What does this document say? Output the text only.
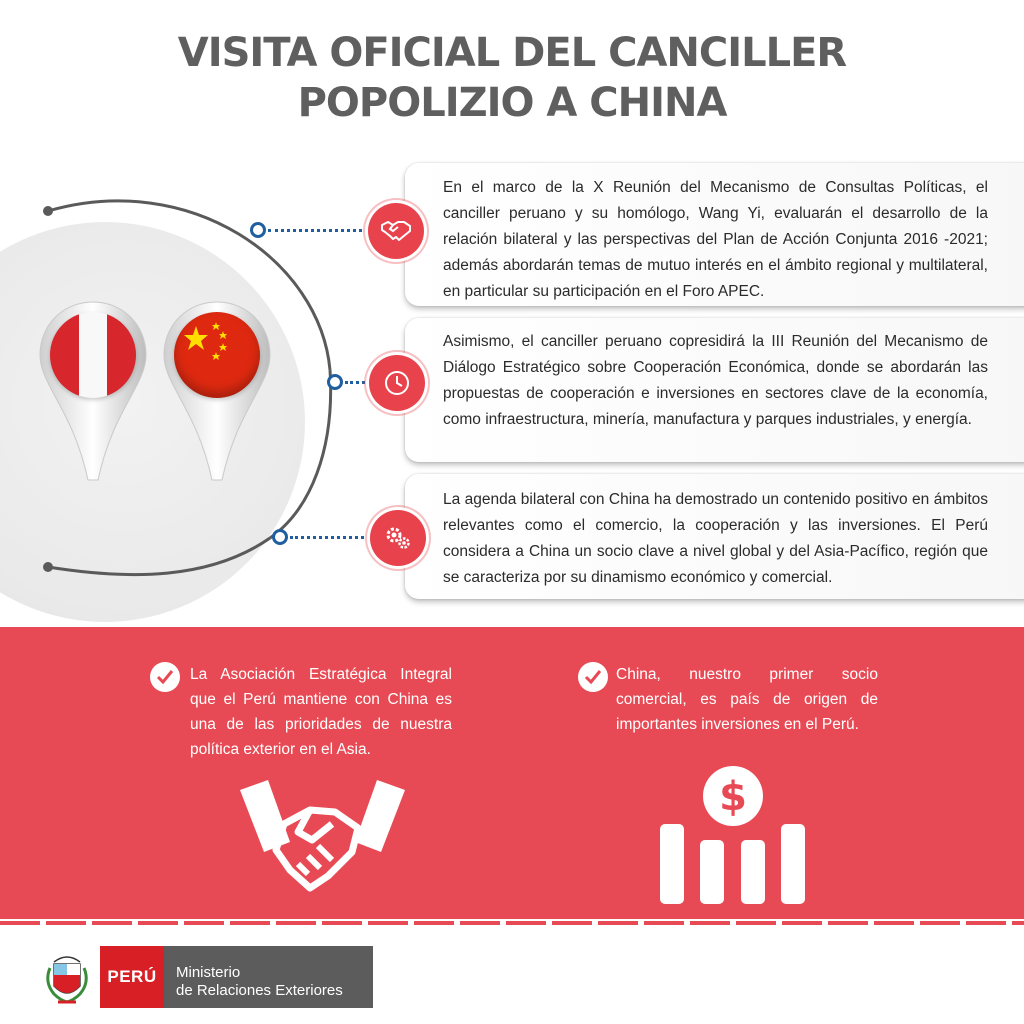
VISITA OFICIAL DEL CANCILLER
POPOLIZIO A CHINA

En el marco de la X Reunión del Mecanismo de Consultas Políticas, el canciller peruano y su homólogo, Wang Yi, evaluarán el desarrollo de la relación bilateral y las perspectivas del Plan de Acción Conjunta 2016 -2021; además abordarán temas de mutuo interés en el ámbito regional y multilateral, en particular su participación en el Foro APEC.

Asimismo, el canciller peruano copresidirá la III Reunión del Mecanismo de Diálogo Estratégico sobre Cooperación Económica, donde se abordarán las propuestas de cooperación e inversiones en sectores clave de la economía, como infraestructura, minería, manufactura y parques industriales, y energía.

La agenda bilateral con China ha demostrado un contenido positivo en ámbitos relevantes como el comercio, la cooperación y las inversiones. El Perú considera a China un socio clave a nivel global y del Asia-Pacífico, región que se caracteriza por su dinamismo económico y comercial.

La Asociación Estratégica Integral que el Perú mantiene con China es una de las prioridades de nuestra política exterior en el Asia.

China, nuestro primer socio comercial, es país de origen de importantes inversiones en el Perú.

$
PERÚ	Ministerio
de Relaciones Exteriores
